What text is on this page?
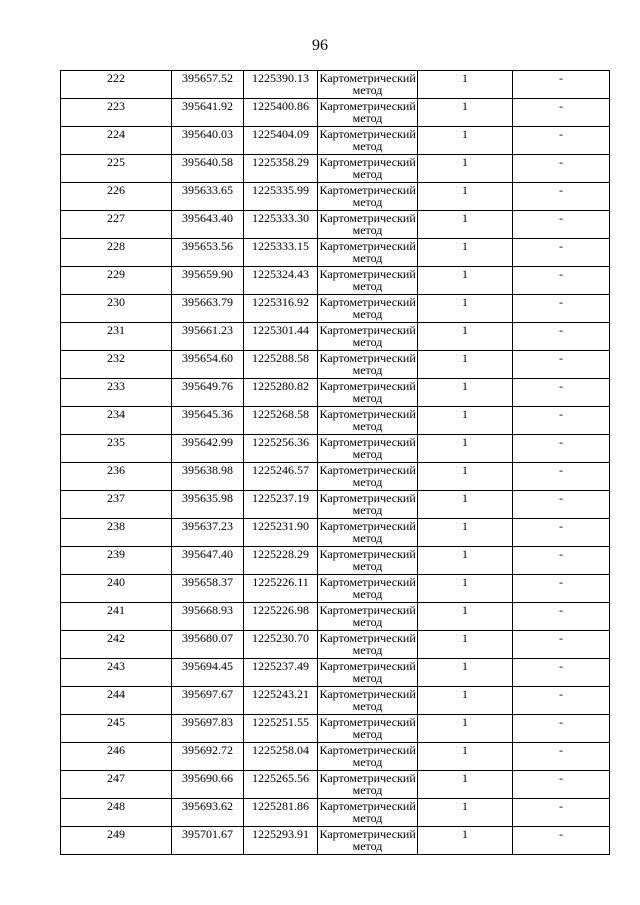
96
222	395657.52	1225390.13	Картометрический метод	1	-
223	395641.92	1225400.86	Картометрический метод	1	-
224	395640.03	1225404.09	Картометрический метод	1	-
225	395640.58	1225358.29	Картометрический метод	1	-
226	395633.65	1225335.99	Картометрический метод	1	-
227	395643.40	1225333.30	Картометрический метод	1	-
228	395653.56	1225333.15	Картометрический метод	1	-
229	395659.90	1225324.43	Картометрический метод	1	-
230	395663.79	1225316.92	Картометрический метод	1	-
231	395661.23	1225301.44	Картометрический метод	1	-
232	395654.60	1225288.58	Картометрический метод	1	-
233	395649.76	1225280.82	Картометрический метод	1	-
234	395645.36	1225268.58	Картометрический метод	1	-
235	395642.99	1225256.36	Картометрический метод	1	-
236	395638.98	1225246.57	Картометрический метод	1	-
237	395635.98	1225237.19	Картометрический метод	1	-
238	395637.23	1225231.90	Картометрический метод	1	-
239	395647.40	1225228.29	Картометрический метод	1	-
240	395658.37	1225226.11	Картометрический метод	1	-
241	395668.93	1225226.98	Картометрический метод	1	-
242	395680.07	1225230.70	Картометрический метод	1	-
243	395694.45	1225237.49	Картометрический метод	1	-
244	395697.67	1225243.21	Картометрический метод	1	-
245	395697.83	1225251.55	Картометрический метод	1	-
246	395692.72	1225258.04	Картометрический метод	1	-
247	395690.66	1225265.56	Картометрический метод	1	-
248	395693.62	1225281.86	Картометрический метод	1	-
249	395701.67	1225293.91	Картометрический метод	1	-
